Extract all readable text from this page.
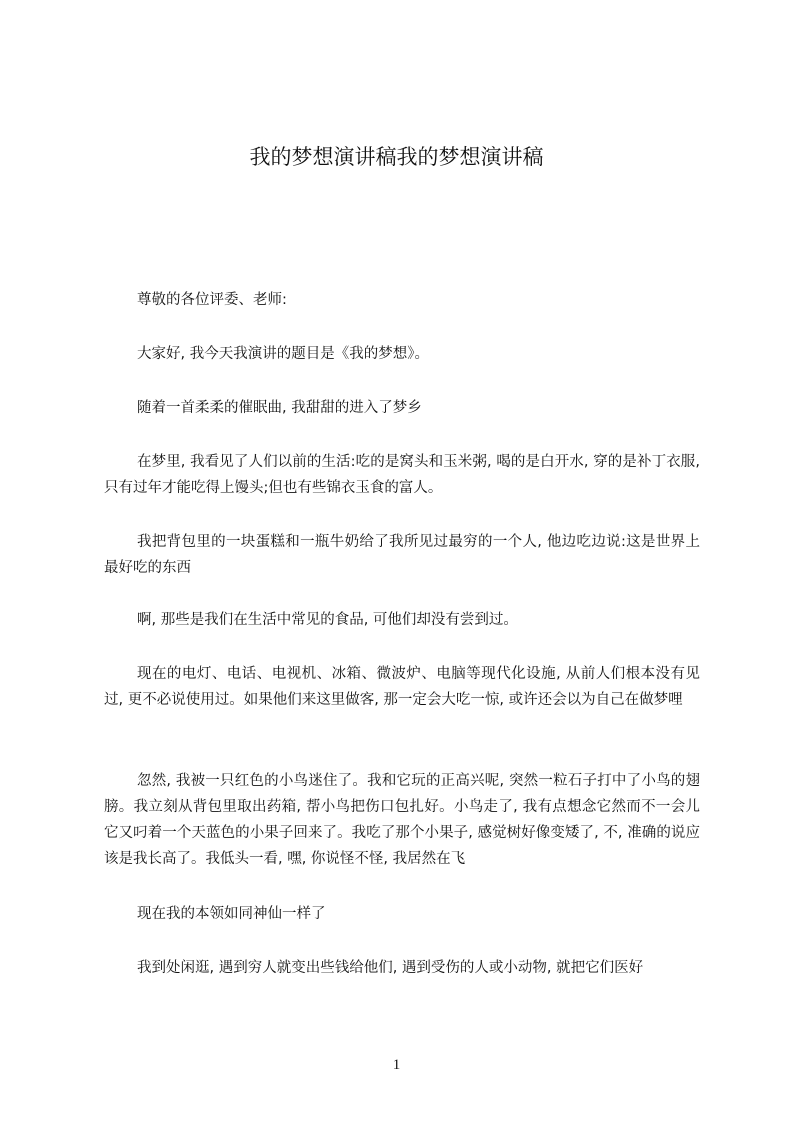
我的梦想演讲稿我的梦想演讲稿

尊敬的各位评委、老师:

大家好, 我今天我演讲的题目是《我的梦想》。

随着一首柔柔的催眠曲, 我甜甜的进入了梦乡

在梦里, 我看见了人们以前的生活:吃的是窝头和玉米粥, 喝的是白开水, 穿的是补丁衣服, 只有过年才能吃得上馒头;但也有些锦衣玉食的富人。

我把背包里的一块蛋糕和一瓶牛奶给了我所见过最穷的一个人, 他边吃边说:这是世界上最好吃的东西

啊, 那些是我们在生活中常见的食品, 可他们却没有尝到过。

现在的电灯、电话、电视机、冰箱、微波炉、电脑等现代化设施, 从前人们根本没有见过, 更不必说使用过。如果他们来这里做客, 那一定会大吃一惊, 或许还会以为自己在做梦哩

忽然, 我被一只红色的小鸟迷住了。我和它玩的正高兴呢, 突然一粒石子打中了小鸟的翅膀。我立刻从背包里取出药箱, 帮小鸟把伤口包扎好。小鸟走了, 我有点想念它然而不一会儿它又叼着一个天蓝色的小果子回来了。我吃了那个小果子, 感觉树好像变矮了, 不, 准确的说应该是我长高了。我低头一看, 嘿, 你说怪不怪, 我居然在飞

现在我的本领如同神仙一样了

我到处闲逛, 遇到穷人就变出些钱给他们, 遇到受伤的人或小动物, 就把它们医好

1
